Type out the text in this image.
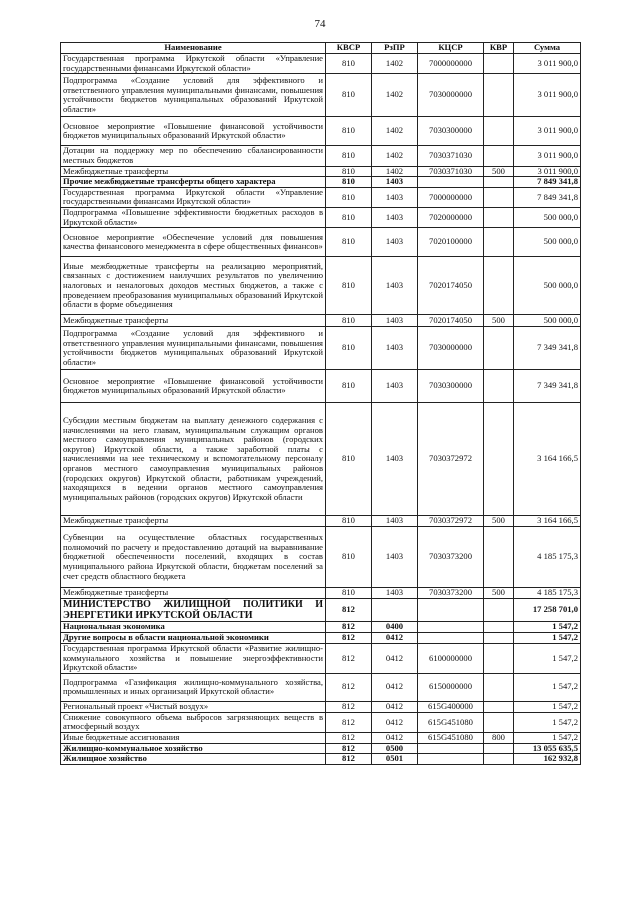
74
Наименование	КВСР	РзПР	КЦСР	КВР	Сумма
Государственная программа Иркутской области «Управление государственными финансами Иркутской области»	810	1402	7000000000		3 011 900,0
Подпрограмма «Создание условий для эффективного и ответственного управления муниципальными финансами, повышения устойчивости бюджетов муниципальных образований Иркутской области»	810	1402	7030000000		3 011 900,0
Основное мероприятие «Повышение финансовой устойчивости бюджетов муниципальных образований Иркутской области»	810	1402	7030300000		3 011 900,0
Дотации на поддержку мер по обеспечению сбалансированности местных бюджетов	810	1402	7030371030		3 011 900,0
Межбюджетные трансферты	810	1402	7030371030	500	3 011 900,0
Прочие межбюджетные трансферты общего характера	810	1403			7 849 341,8
Государственная программа Иркутской области «Управление государственными финансами Иркутской области»	810	1403	7000000000		7 849 341,8
Подпрограмма «Повышение эффективности бюджетных расходов в Иркутской области»	810	1403	7020000000		500 000,0
Основное мероприятие «Обеспечение условий для повышения качества финансового менеджмента в сфере общественных финансов»	810	1403	7020100000		500 000,0
Иные межбюджетные трансферты на реализацию мероприятий, связанных с достижением наилучших результатов по увеличению налоговых и неналоговых доходов местных бюджетов, а также с проведением преобразования муниципальных образований Иркутской области в форме объединения	810	1403	7020174050		500 000,0
Межбюджетные трансферты	810	1403	7020174050	500	500 000,0
Подпрограмма «Создание условий для эффективного и ответственного управления муниципальными финансами, повышения устойчивости бюджетов муниципальных образований Иркутской области»	810	1403	7030000000		7 349 341,8
Основное мероприятие «Повышение финансовой устойчивости бюджетов муниципальных образований Иркутской области»	810	1403	7030300000		7 349 341,8
Субсидии местным бюджетам на выплату денежного содержания с начислениями на него главам, муниципальным служащим органов местного самоуправления муниципальных районов (городских округов) Иркутской области, а также заработной платы с начислениями на нее техническому и вспомогательному персоналу органов местного самоуправления муниципальных районов (городских округов) Иркутской области, работникам учреждений, находящихся в ведении органов местного самоуправления муниципальных районов (городских округов) Иркутской области	810	1403	7030372972		3 164 166,5
Межбюджетные трансферты	810	1403	7030372972	500	3 164 166,5
Субвенции на осуществление областных государственных полномочий по расчету и предоставлению дотаций на выравнивание бюджетной обеспеченности поселений, входящих в состав муниципального района Иркутской области, бюджетам поселений за счет средств областного бюджета	810	1403	7030373200		4 185 175,3
Межбюджетные трансферты	810	1403	7030373200	500	4 185 175,3
МИНИСТЕРСТВО ЖИЛИЩНОЙ ПОЛИТИКИ И ЭНЕРГЕТИКИ ИРКУТСКОЙ ОБЛАСТИ	812				17 258 701,0
Национальная экономика	812	0400			1 547,2
Другие вопросы в области национальной экономики	812	0412			1 547,2
Государственная программа Иркутской области «Развитие жилищно-коммунального хозяйства и повышение энергоэффективности Иркутской области»	812	0412	6100000000		1 547,2
Подпрограмма «Газификация жилищно-коммунального хозяйства, промышленных и иных организаций Иркутской области»	812	0412	6150000000		1 547,2
Региональный проект «Чистый воздух»	812	0412	615G400000		1 547,2
Снижение совокупного объема выбросов загрязняющих веществ в атмосферный воздух	812	0412	615G451080		1 547,2
Иные бюджетные ассигнования	812	0412	615G451080	800	1 547,2
Жилищно-коммунальное хозяйство	812	0500			13 055 635,5
Жилищное хозяйство	812	0501			162 932,8
